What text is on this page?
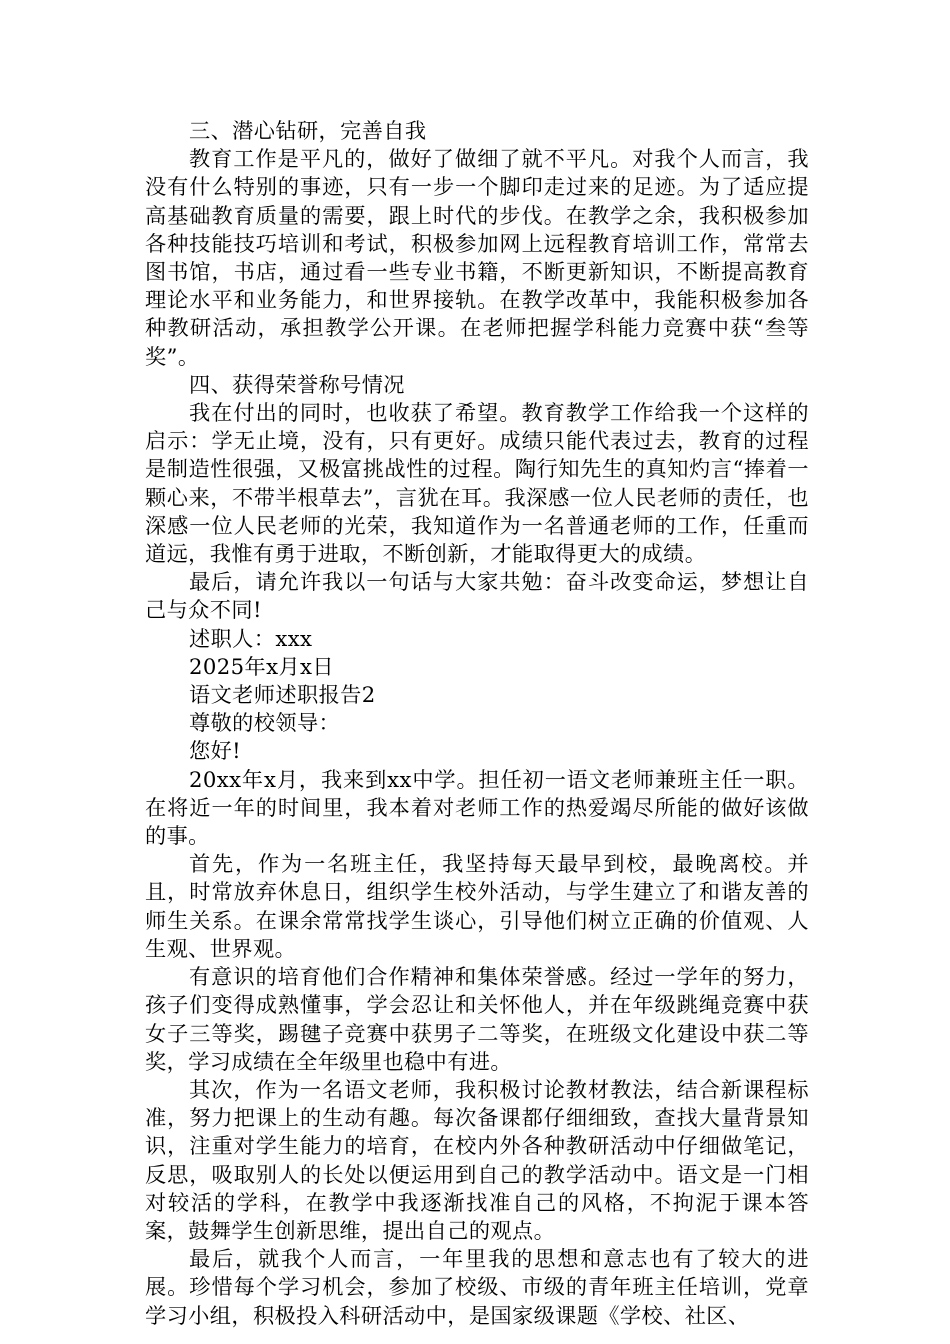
三、潜心钻研，完善自我

教育工作是平凡的，做好了做细了就不平凡。对我个人而言，我没有什么特别的事迹，只有一步一个脚印走过来的足迹。为了适应提高基础教育质量的需要，跟上时代的步伐。在教学之余，我积极参加各种技能技巧培训和考试，积极参加网上远程教育培训工作，常常去图书馆，书店，通过看一些专业书籍，不断更新知识，不断提高教育理论水平和业务能力，和世界接轨。在教学改革中，我能积极参加各种教研活动，承担教学公开课。在老师把握学科能力竞赛中获“叁等奖”。

四、获得荣誉称号情况

我在付出的同时，也收获了希望。教育教学工作给我一个这样的启示：学无止境，没有，只有更好。成绩只能代表过去，教育的过程是制造性很强，又极富挑战性的过程。陶行知先生的真知灼言“捧着一颗心来，不带半根草去”，言犹在耳。我深感一位人民老师的责任，也深感一位人民老师的光荣，我知道作为一名普通老师的工作，任重而道远，我惟有勇于进取，不断创新，才能取得更大的成绩。

最后，请允许我以一句话与大家共勉：奋斗改变命运，梦想让自己与众不同!

述职人：xxx

2025年x月x日

语文老师述职报告2

尊敬的校领导：

您好!

20xx年x月，我来到xx中学。担任初一语文老师兼班主任一职。在将近一年的时间里，我本着对老师工作的热爱竭尽所能的做好该做的事。

首先，作为一名班主任，我坚持每天最早到校，最晚离校。并且，时常放弃休息日，组织学生校外活动，与学生建立了和谐友善的师生关系。在课余常常找学生谈心，引导他们树立正确的价值观、人生观、世界观。

有意识的培育他们合作精神和集体荣誉感。经过一学年的努力，孩子们变得成熟懂事，学会忍让和关怀他人，并在年级跳绳竞赛中获女子三等奖，踢毽子竞赛中获男子二等奖，在班级文化建设中获二等奖，学习成绩在全年级里也稳中有进。

其次，作为一名语文老师，我积极讨论教材教法，结合新课程标准，努力把课上的生动有趣。每次备课都仔细细致，查找大量背景知识，注重对学生能力的培育，在校内外各种教研活动中仔细做笔记，反思，吸取别人的长处以便运用到自己的教学活动中。语文是一门相对较活的学科，在教学中我逐渐找准自己的风格，不拘泥于课本答案，鼓舞学生创新思维，提出自己的观点。

最后，就我个人而言，一年里我的思想和意志也有了较大的进展。珍惜每个学习机会，参加了校级、市级的青年班主任培训，党章学习小组，积极投入科研活动中，是国家级课题《学校、社区、
